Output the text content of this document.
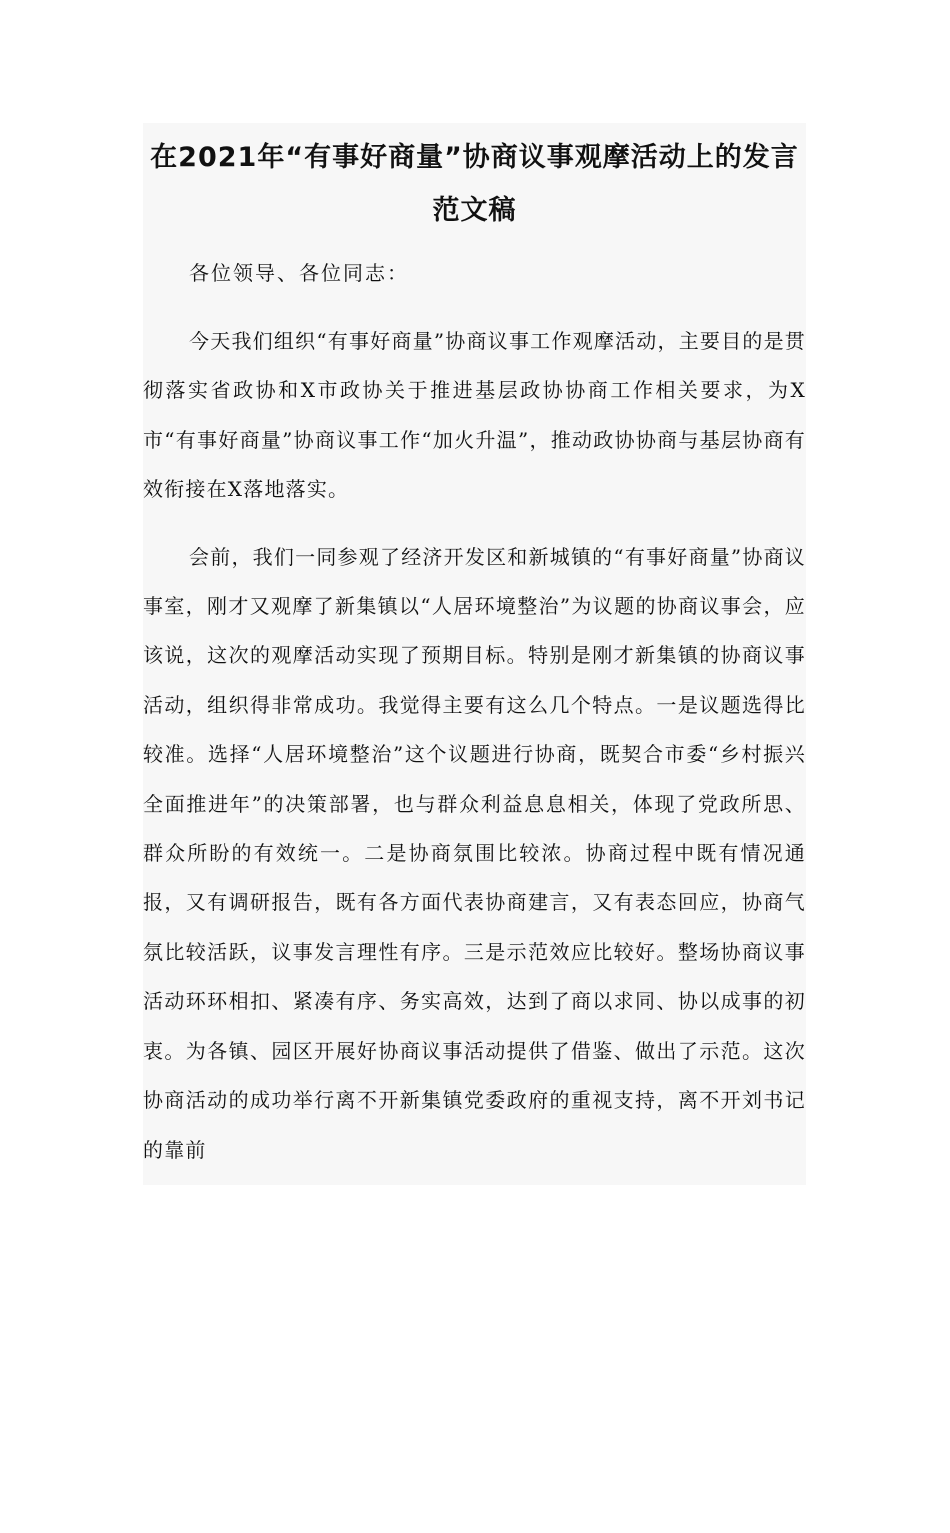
在2021年“有事好商量”协商议事观摩活动上的发言范文稿

各位领导、各位同志：

今天我们组织“有事好商量”协商议事工作观摩活动，主要目的是贯彻落实省政协和X市政协关于推进基层政协协商工作相关要求，为X市“有事好商量”协商议事工作“加火升温”，推动政协协商与基层协商有效衔接在X落地落实。

会前，我们一同参观了经济开发区和新城镇的“有事好商量”协商议事室，刚才又观摩了新集镇以“人居环境整治”为议题的协商议事会，应该说，这次的观摩活动实现了预期目标。特别是刚才新集镇的协商议事活动，组织得非常成功。我觉得主要有这么几个特点。一是议题选得比较准。选择“人居环境整治”这个议题进行协商，既契合市委“乡村振兴全面推进年”的决策部署，也与群众利益息息相关，体现了党政所思、群众所盼的有效统一。二是协商氛围比较浓。协商过程中既有情况通报，又有调研报告，既有各方面代表协商建言，又有表态回应，协商气氛比较活跃，议事发言理性有序。三是示范效应比较好。整场协商议事活动环环相扣、紧凑有序、务实高效，达到了商以求同、协以成事的初衷。为各镇、园区开展好协商议事活动提供了借鉴、做出了示范。这次协商活动的成功举行离不开新集镇党委政府的重视支持，离不开刘书记的靠前
